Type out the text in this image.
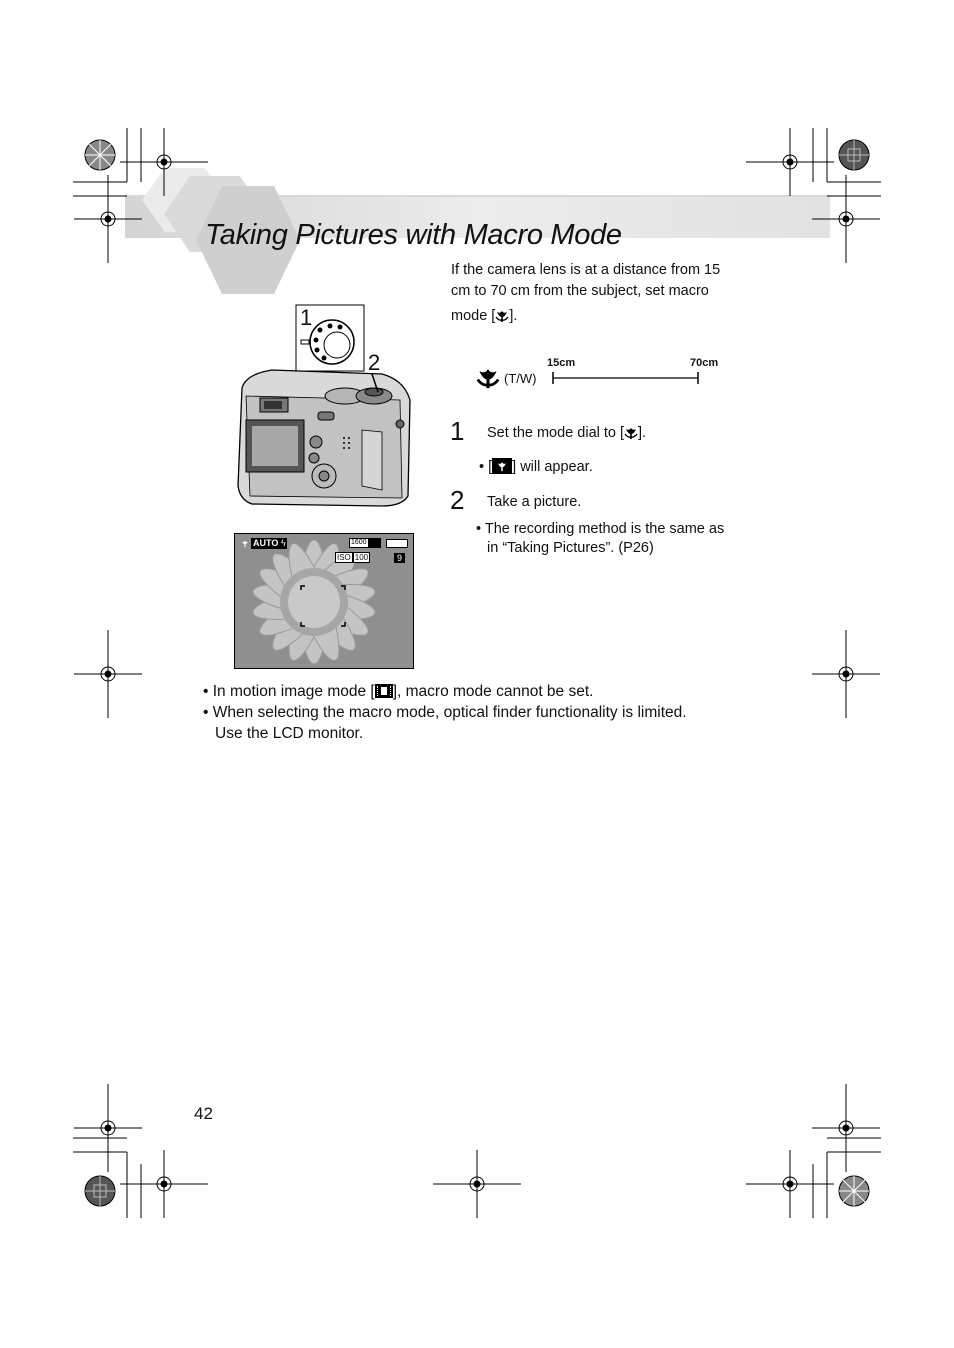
Taking Pictures with Macro Mode
If the camera lens is at a distance from 15
cm to 70 cm from the subject, set macro

mode [ ].
(T/W)
15cm	70cm
1
2
AUTO ϟ	1600
ISO 100	9
1 Set the mode dial to [ ].
• [ ] will appear.
2 Take a picture.
• The recording method is the same as
in “Taking Pictures”. (P26)
• In motion image mode [ ], macro mode cannot be set.
• When selecting the macro mode, optical finder functionality is limited.
Use the LCD monitor.
42
